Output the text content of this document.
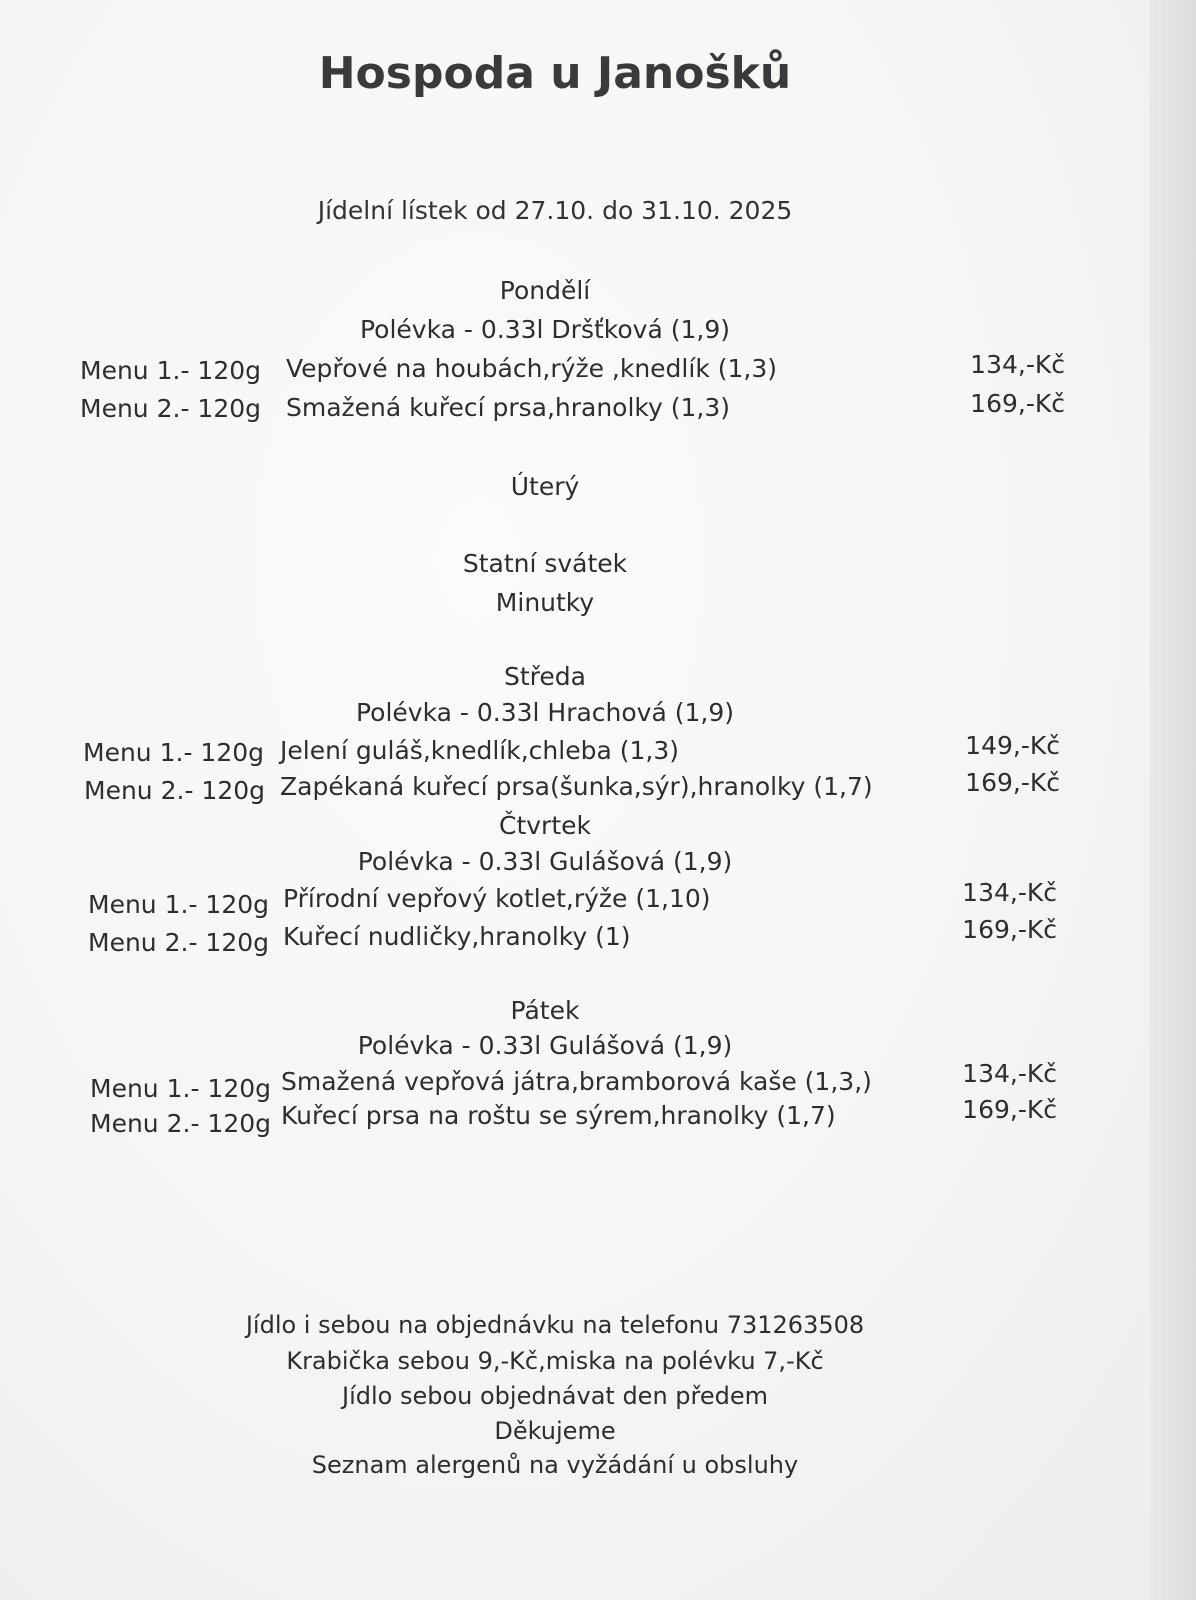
Hospoda u Janošků
Jídelní lístek od 27.10. do 31.10. 2025
Pondělí
Polévka - 0.33l Dršťková (1,9)
Menu 1.- 120g Vepřové na houbách,rýže ,knedlík (1,3)	134,-Kč
Menu 2.- 120g Smažená kuřecí prsa,hranolky (1,3)	169,-Kč
Úterý
Statní svátek
Minutky
Středa
Polévka - 0.33l Hrachová (1,9)
Menu 1.- 120g Jelení guláš,knedlík,chleba (1,3)	149,-Kč
Menu 2.- 120g Zapékaná kuřecí prsa(šunka,sýr),hranolky (1,7)	169,-Kč
Čtvrtek
Polévka - 0.33l Gulášová (1,9)
Menu 1.- 120g Přírodní vepřový kotlet,rýže (1,10)	134,-Kč
Menu 2.- 120g Kuřecí nudličky,hranolky (1)	169,-Kč
Pátek
Polévka - 0.33l Gulášová (1,9)
Menu 1.- 120g Smažená vepřová játra,bramborová kaše (1,3,)	134,-Kč
Menu 2.- 120g Kuřecí prsa na roštu se sýrem,hranolky (1,7)	169,-Kč
Jídlo i sebou na objednávku na telefonu 731263508
Krabička sebou 9,-Kč,miska na polévku 7,-Kč
Jídlo sebou objednávat den předem
Děkujeme
Seznam alergenů na vyžádání u obsluhy
